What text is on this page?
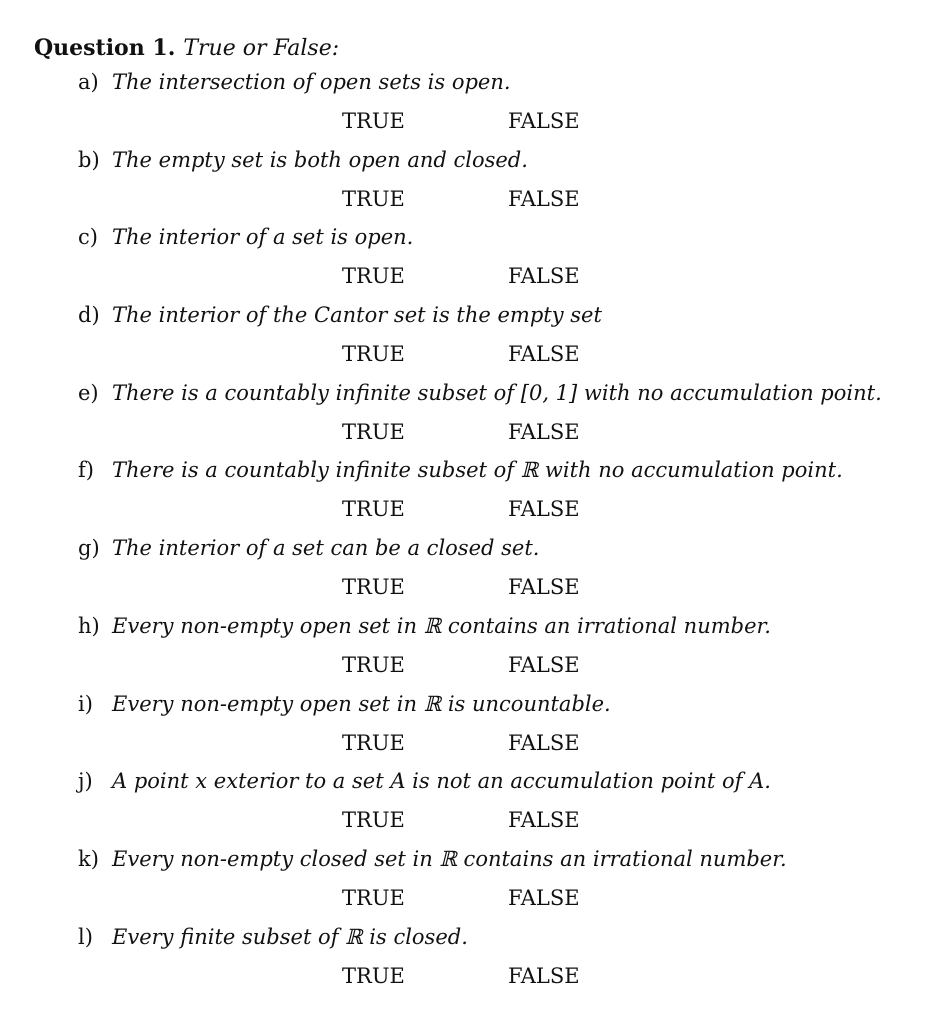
Question 1. True or False:
a) The intersection of open sets is open.
TRUE	FALSE
b) The empty set is both open and closed.
TRUE	FALSE
c) The interior of a set is open.
TRUE	FALSE
d) The interior of the Cantor set is the empty set
TRUE	FALSE
e) There is a countably infinite subset of [0, 1] with no accumulation point.
TRUE	FALSE
f) There is a countably infinite subset of ℝ with no accumulation point.
TRUE	FALSE
g) The interior of a set can be a closed set.
TRUE	FALSE
h) Every non-empty open set in ℝ contains an irrational number.
TRUE	FALSE
i) Every non-empty open set in ℝ is uncountable.
TRUE	FALSE
j) A point x exterior to a set A is not an accumulation point of A.
TRUE	FALSE
k) Every non-empty closed set in ℝ contains an irrational number.
TRUE	FALSE
l) Every finite subset of ℝ is closed.
TRUE	FALSE
